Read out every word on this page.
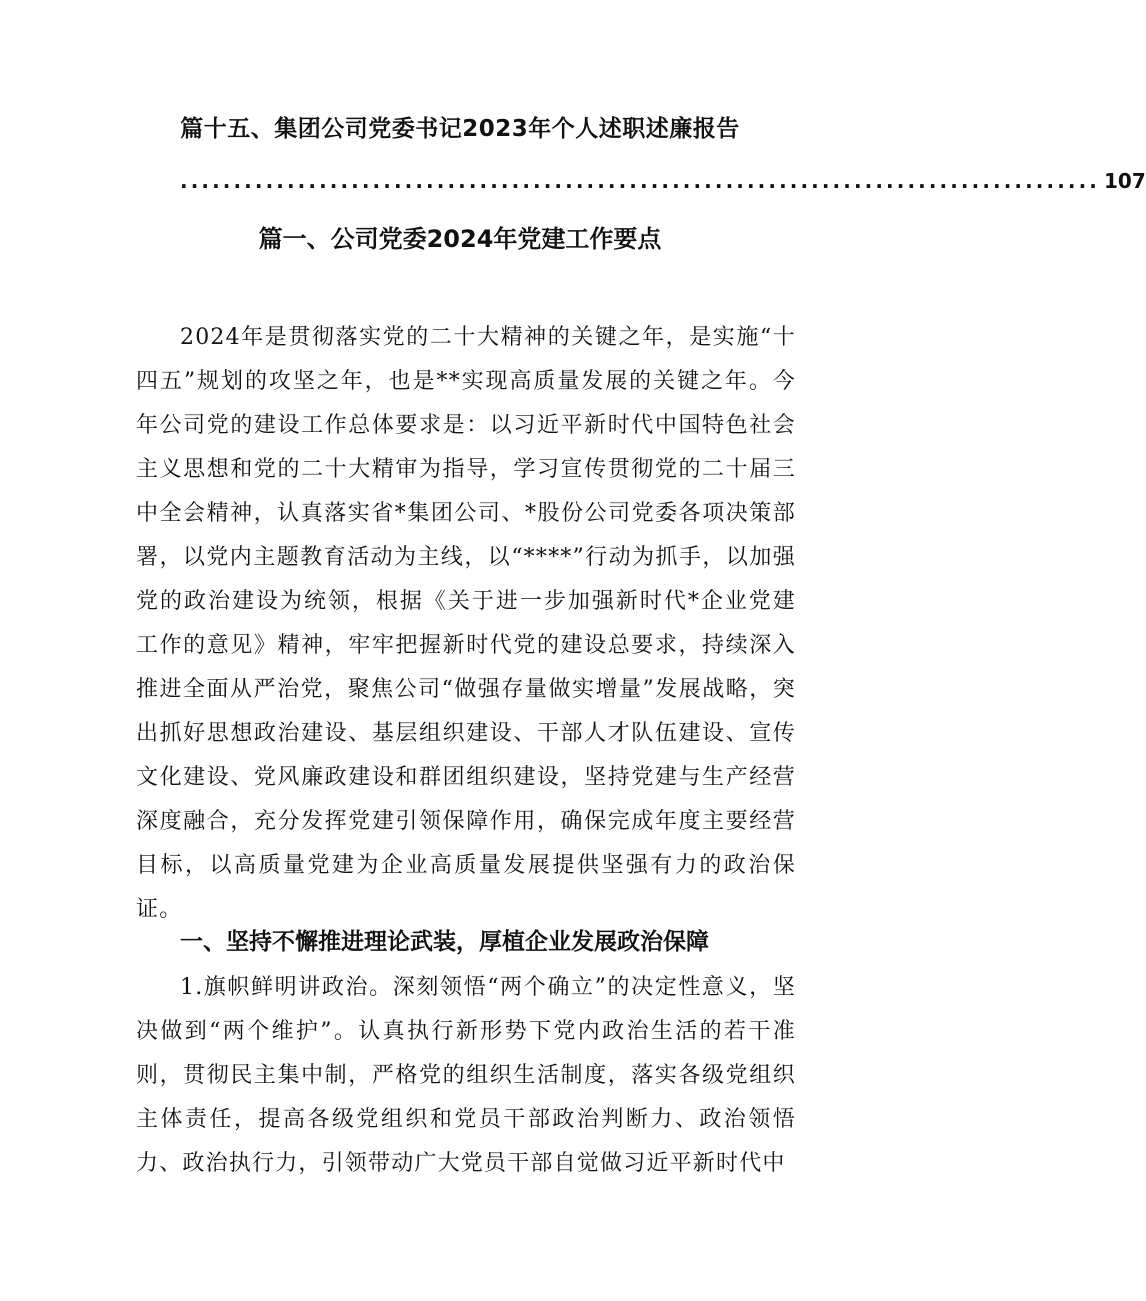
篇十五、集团公司党委书记2023年个人述职述廉报告
...................................................................................... 107
篇一、公司党委2024年党建工作要点

2024年是贯彻落实党的二十大精神的关键之年，是实施“十四五”规划的攻坚之年，也是**实现高质量发展的关键之年。今年公司党的建设工作总体要求是：以习近平新时代中国特色社会主义思想和党的二十大精审为指导，学习宣传贯彻党的二十届三中全会精神，认真落实省*集团公司、*股份公司党委各项决策部署，以党内主题教育活动为主线，以“****”行动为抓手，以加强党的政治建设为统领，根据《关于进一步加强新时代*企业党建工作的意见》精神，牢牢把握新时代党的建设总要求，持续深入推进全面从严治党，聚焦公司“做强存量做实增量”发展战略，突出抓好思想政治建设、基层组织建设、干部人才队伍建设、宣传文化建设、党风廉政建设和群团组织建设，坚持党建与生产经营深度融合，充分发挥党建引领保障作用，确保完成年度主要经营目标，以高质量党建为企业高质量发展提供坚强有力的政治保证。

一、坚持不懈推进理论武装，厚植企业发展政治保障

1.旗帜鲜明讲政治。深刻领悟“两个确立”的决定性意义，坚决做到“两个维护”。认真执行新形势下党内政治生活的若干准则，贯彻民主集中制，严格党的组织生活制度，落实各级党组织主体责任，提高各级党组织和党员干部政治判断力、政治领悟力、政治执行力，引领带动广大党员干部自觉做习近平新时代中
